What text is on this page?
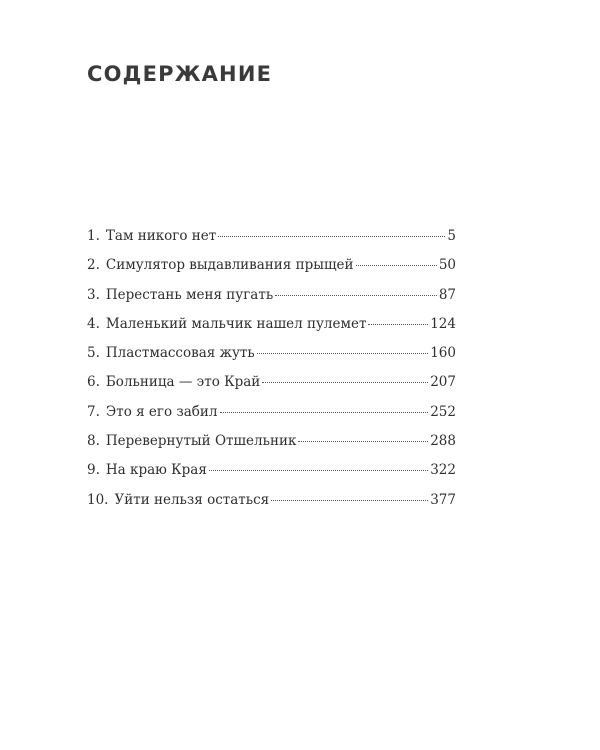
СОДЕРЖАНИЕ
1. Там никого нет	5
2. Симулятор выдавливания прыщей	50
3. Перестань меня пугать	87
4. Маленький мальчик нашел пулемет	124
5. Пластмассовая жуть	160
6. Больница — это Край	207
7. Это я его забил	252
8. Перевернутый Отшельник	288
9. На краю Края	322
10. Уйти нельзя остаться	377
